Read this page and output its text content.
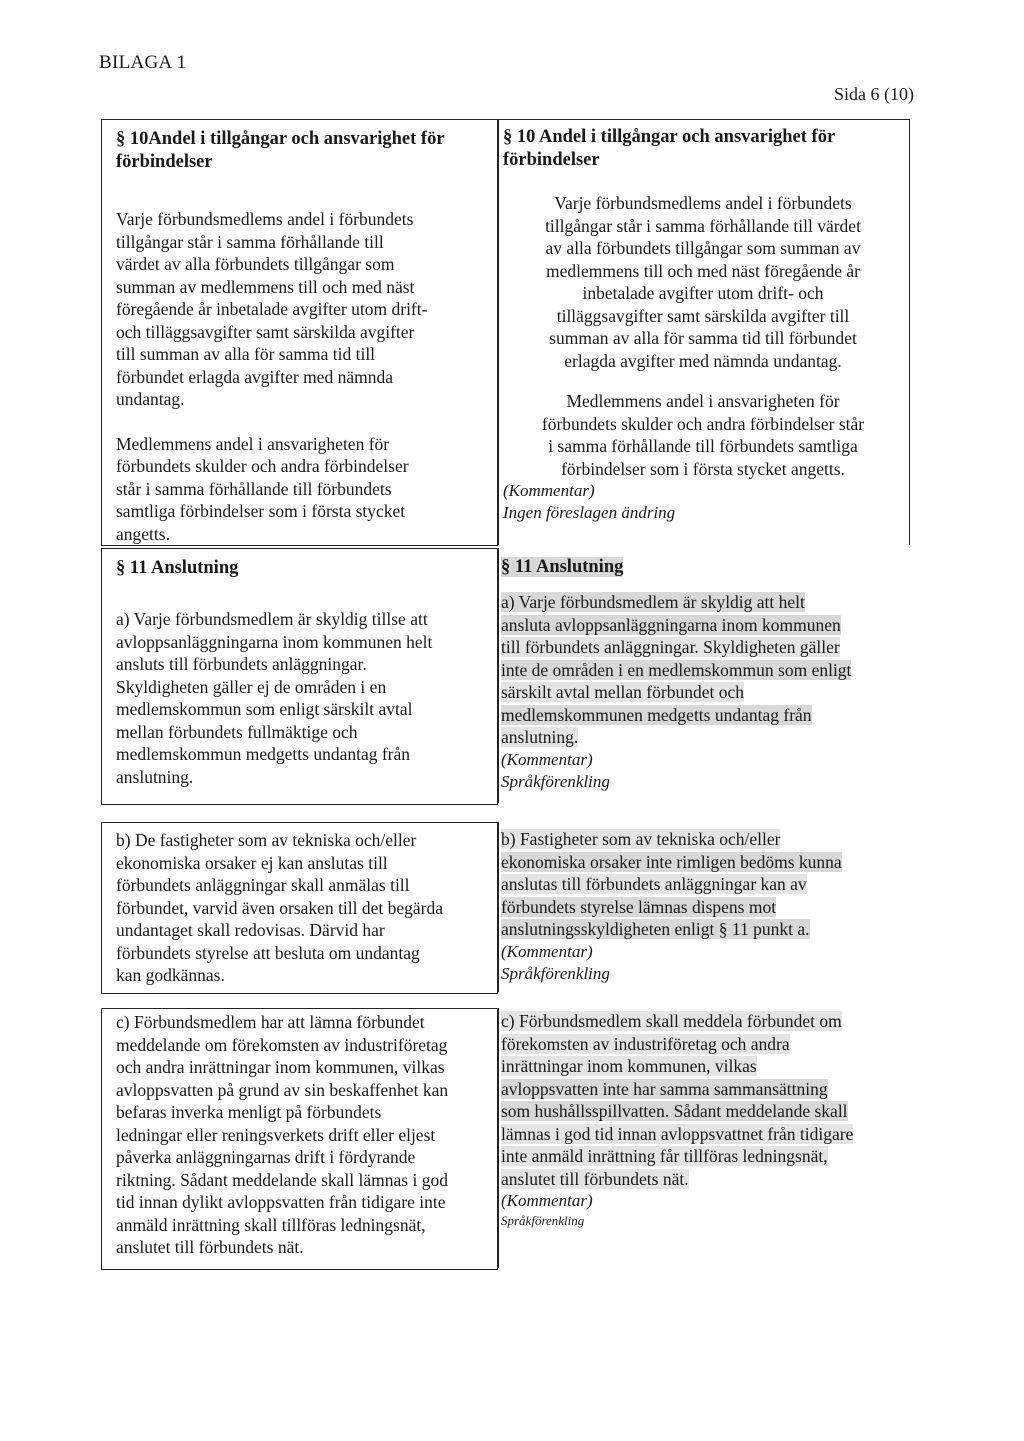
BILAGA 1
Sida 6 (10)
§ 10Andel i tillgångar och ansvarighet för
förbindelser
Varje förbundsmedlems andel i förbundets
tillgångar står i samma förhållande till
värdet av alla förbundets tillgångar som
summan av medlemmens till och med näst
föregående år inbetalade avgifter utom drift-
och tilläggsavgifter samt särskilda avgifter
till summan av alla för samma tid till
förbundet erlagda avgifter med nämnda
undantag.
Medlemmens andel i ansvarigheten för
förbundets skulder och andra förbindelser
står i samma förhållande till förbundets
samtliga förbindelser som i första stycket
angetts.
§ 10 Andel i tillgångar och ansvarighet för
förbindelser
Varje förbundsmedlems andel i förbundets
tillgångar står i samma förhållande till värdet
av alla förbundets tillgångar som summan av
medlemmens till och med näst föregående år
inbetalade avgifter utom drift- och
tilläggsavgifter samt särskilda avgifter till
summan av alla för samma tid till förbundet
erlagda avgifter med nämnda undantag.
Medlemmens andel i ansvarigheten för
förbundets skulder och andra förbindelser står
i samma förhållande till förbundets samtliga
förbindelser som i första stycket angetts.
(Kommentar)
Ingen föreslagen ändring
§ 11 Anslutning
a) Varje förbundsmedlem är skyldig tillse att
avloppsanläggningarna inom kommunen helt
ansluts till förbundets anläggningar.
Skyldigheten gäller ej de områden i en
medlemskommun som enligt särskilt avtal
mellan förbundets fullmäktige och
medlemskommun medgetts undantag från
anslutning.
§ 11 Anslutning
a) Varje förbundsmedlem är skyldig att helt
ansluta avloppsanläggningarna inom kommunen
till förbundets anläggningar. Skyldigheten gäller
inte de områden i en medlemskommun som enligt
särskilt avtal mellan förbundet och
medlemskommunen medgetts undantag från
anslutning.
(Kommentar)
Språkförenkling
b) De fastigheter som av tekniska och/eller
ekonomiska orsaker ej kan anslutas till
förbundets anläggningar skall anmälas till
förbundet, varvid även orsaken till det begärda
undantaget skall redovisas. Därvid har
förbundets styrelse att besluta om undantag
kan godkännas.
b) Fastigheter som av tekniska och/eller
ekonomiska orsaker inte rimligen bedöms kunna
anslutas till förbundets anläggningar kan av
förbundets styrelse lämnas dispens mot
anslutningsskyldigheten enligt § 11 punkt a.
(Kommentar)
Språkförenkling
c) Förbundsmedlem har att lämna förbundet
meddelande om förekomsten av industriföretag
och andra inrättningar inom kommunen, vilkas
avloppsvatten på grund av sin beskaffenhet kan
befaras inverka menligt på förbundets
ledningar eller reningsverkets drift eller eljest
påverka anläggningarnas drift i fördyrande
riktning. Sådant meddelande skall lämnas i god
tid innan dylikt avloppsvatten från tidigare inte
anmäld inrättning skall tillföras ledningsnät,
anslutet till förbundets nät.
c) Förbundsmedlem skall meddela förbundet om
förekomsten av industriföretag och andra
inrättningar inom kommunen, vilkas
avloppsvatten inte har samma sammansättning
som hushållsspillvatten. Sådant meddelande skall
lämnas i god tid innan avloppsvattnet från tidigare
inte anmäld inrättning får tillföras ledningsnät,
anslutet till förbundets nät.
(Kommentar)
Språkförenkling
